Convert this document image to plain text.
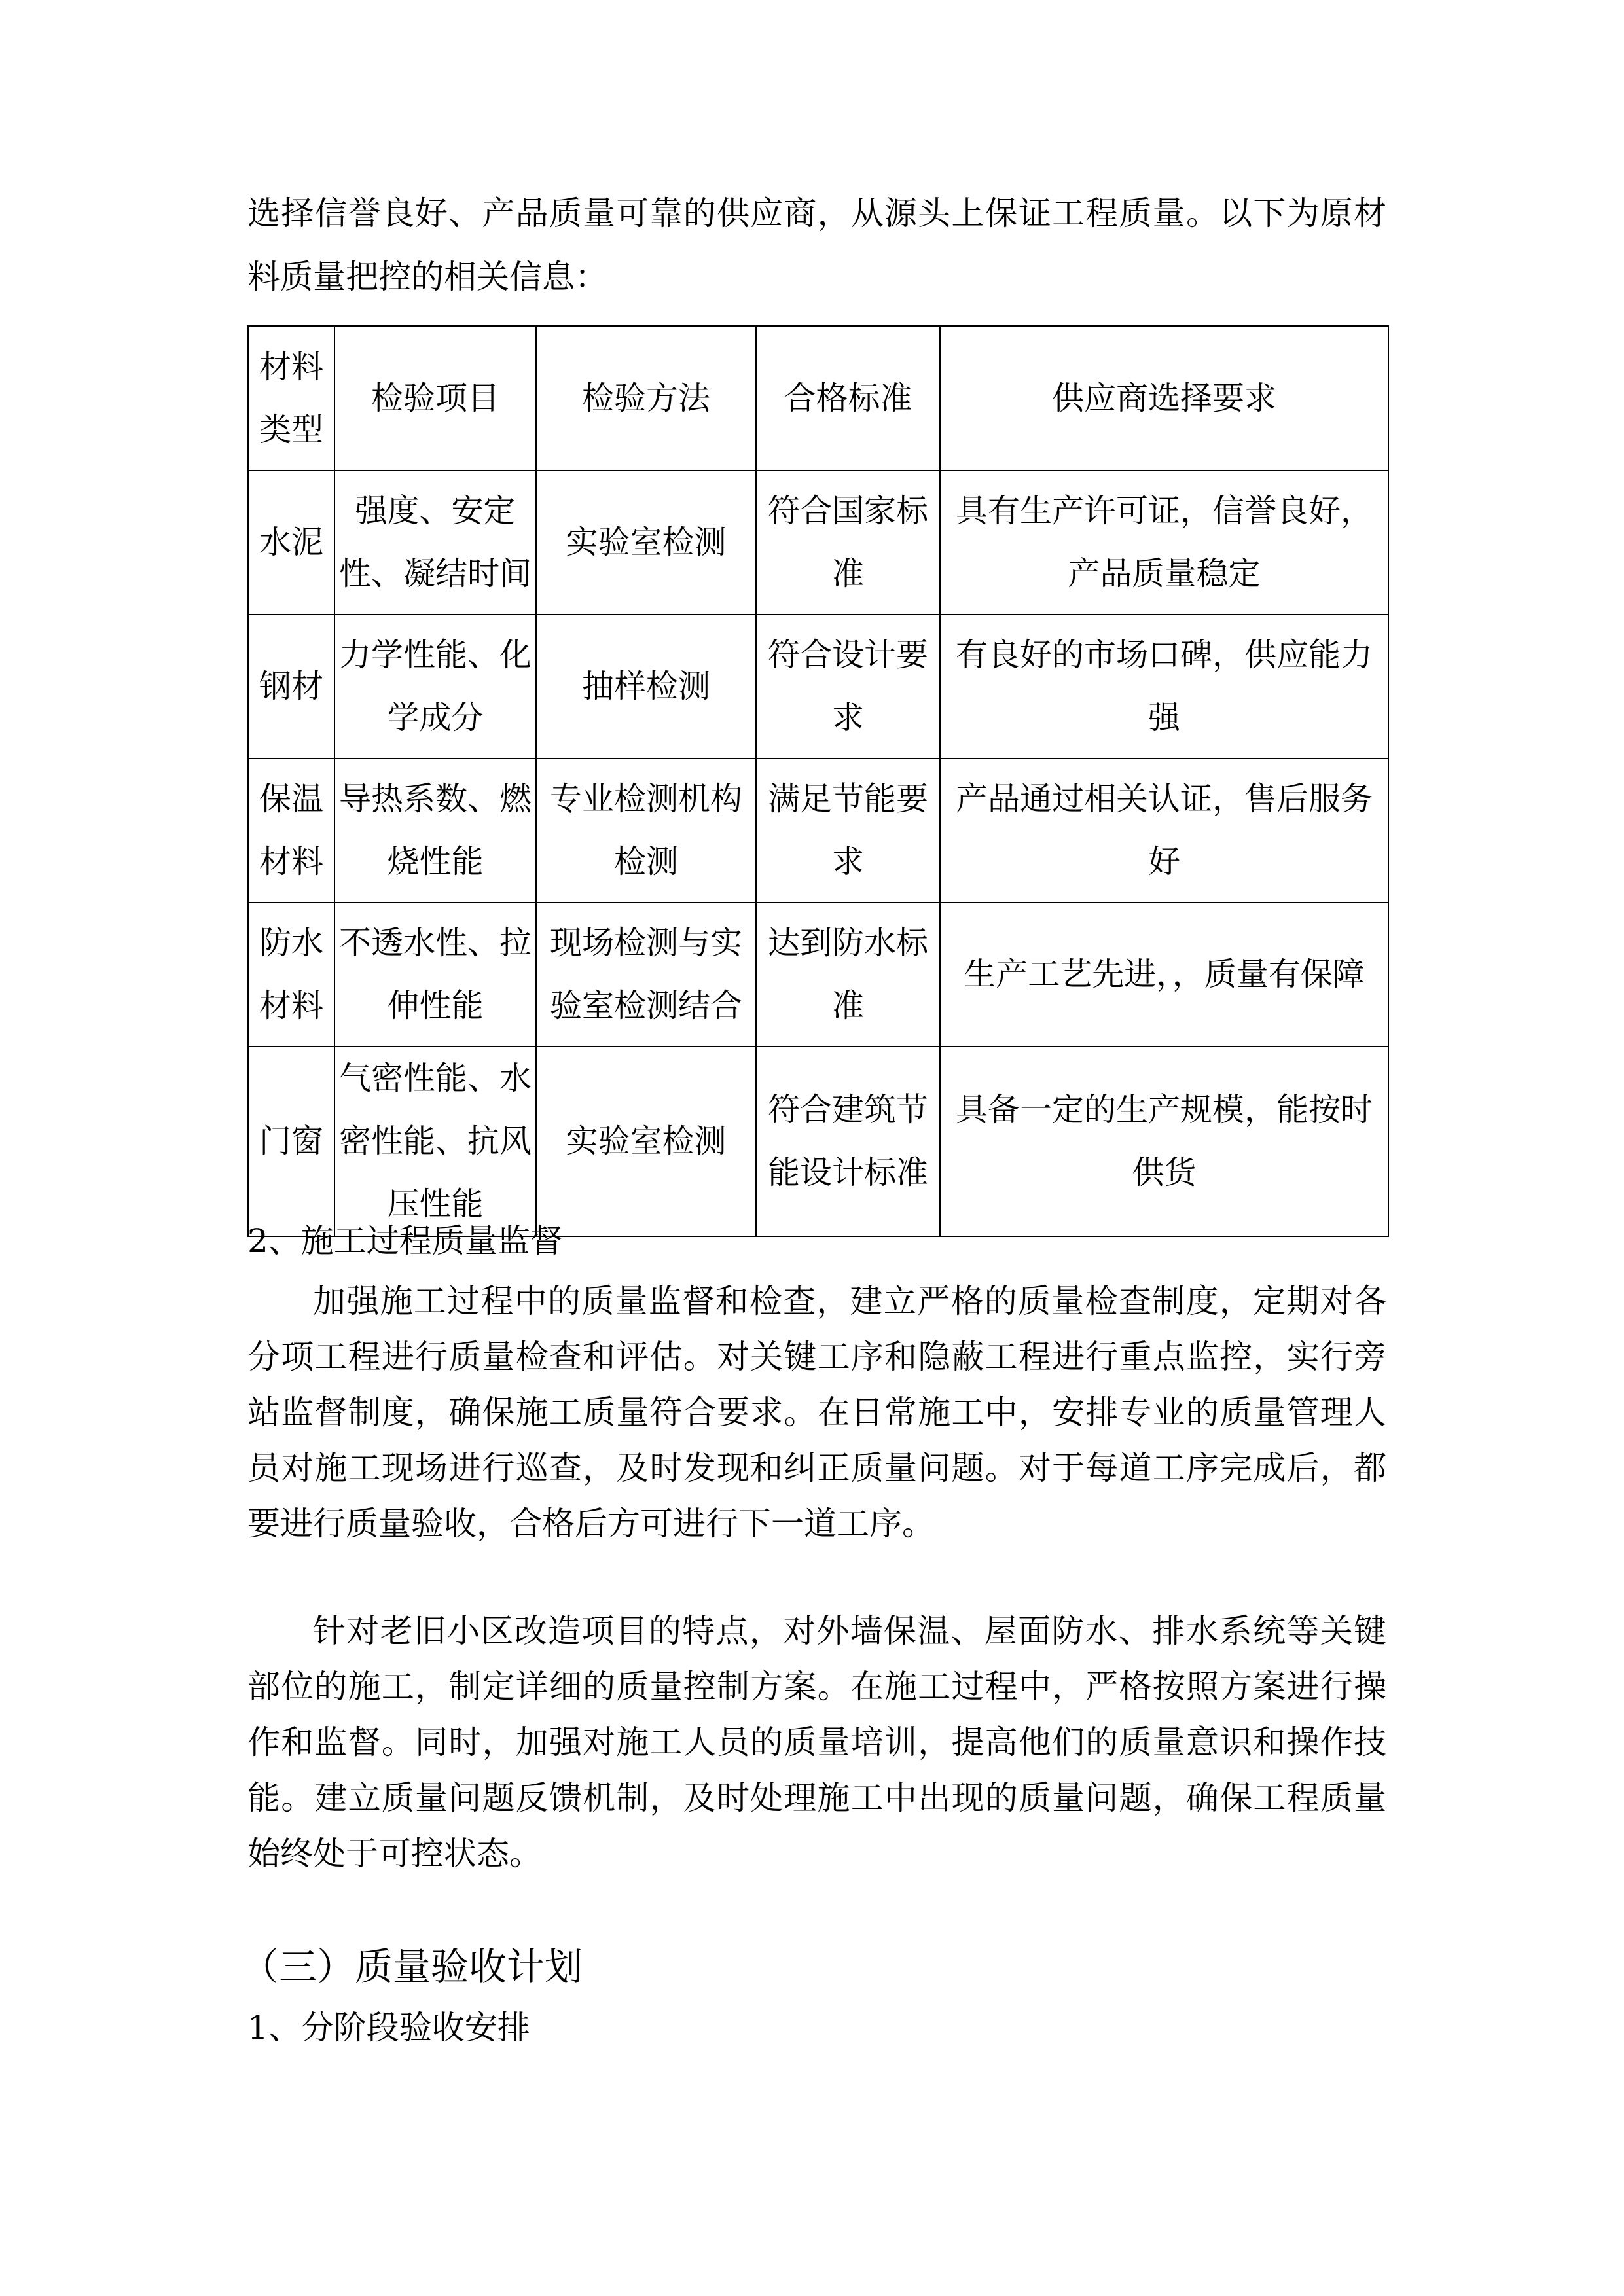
选择信誉良好、产品质量可靠的供应商，从源头上保证工程质量。以下为原材

料质量把控的相关信息：

材料类型	检验项目	检验方法	合格标准	供应商选择要求
水泥	强度、安定性、凝结时间	实验室检测	符合国家标准	具有生产许可证，信誉良好，产品质量稳定
钢材	力学性能、化学成分	抽样检测	符合设计要求	有良好的市场口碑，供应能力强
保温材料	导热系数、燃烧性能	专业检测机构检测	满足节能要求	产品通过相关认证，售后服务好
防水材料	不透水性、拉伸性能	现场检测与实验室检测结合	达到防水标准	生产工艺先进，，质量有保障
门窗	气密性能、水密性能、抗风压性能	实验室检测	符合建筑节能设计标准	具备一定的生产规模，能按时供货

2、施工过程质量监督

加强施工过程中的质量监督和检查，建立严格的质量检查制度，定期对各

分项工程进行质量检查和评估。对关键工序和隐蔽工程进行重点监控，实行旁

站监督制度，确保施工质量符合要求。在日常施工中，安排专业的质量管理人

员对施工现场进行巡查，及时发现和纠正质量问题。对于每道工序完成后，都

要进行质量验收，合格后方可进行下一道工序。

针对老旧小区改造项目的特点，对外墙保温、屋面防水、排水系统等关键

部位的施工，制定详细的质量控制方案。在施工过程中，严格按照方案进行操

作和监督。同时，加强对施工人员的质量培训，提高他们的质量意识和操作技

能。建立质量问题反馈机制，及时处理施工中出现的质量问题，确保工程质量

始终处于可控状态。

（三）质量验收计划

1、分阶段验收安排
